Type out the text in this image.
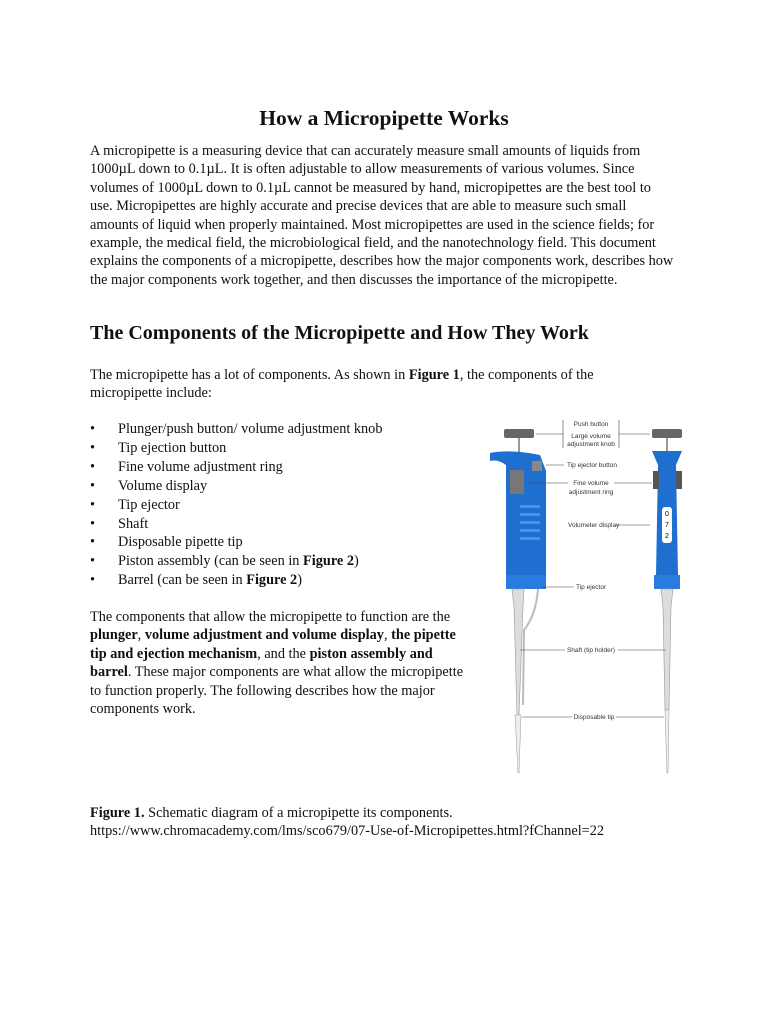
How a Micropipette Works

A micropipette is a measuring device that can accurately measure small amounts of liquids from 1000µL down to 0.1µL. It is often adjustable to allow measurements of various volumes. Since volumes of 1000µL down to 0.1µL cannot be measured by hand, micropipettes are the best tool to use. Micropipettes are highly accurate and precise devices that are able to measure such small amounts of liquid when properly maintained. Most micropipettes are used in the science fields; for example, the medical field, the microbiological field, and the nanotechnology field. This document explains the components of a micropipette, describes how the major components work, describes how the major components work together, and then discusses the importance of the micropipette.

The Components of the Micropipette and How They Work

The micropipette has a lot of components. As shown in Figure 1, the components of the micropipette include:

• Plunger/push button/ volume adjustment knob
• Tip ejection button
• Fine volume adjustment ring
• Volume display
• Tip ejector
• Shaft
• Disposable pipette tip
• Piston assembly (can be seen in Figure 2)
• Barrel (can be seen in Figure 2)

The components that allow the micropipette to function are the plunger, volume adjustment and volume display, the pipette tip and ejection mechanism, and the piston assembly and barrel. These major components are what allow the micropipette to function properly. The following describes how the major components work.

0
7
2
Push button
Large volume
adjustment knob
Tip ejector button
Fine volume
adjustment ring
Volumeter display
Tip ejector
Shaft (tip holder)
Disposable tip

Figure 1. Schematic diagram of a micropipette its components.
https://www.chromacademy.com/lms/sco679/07-Use-of-Micropipettes.html?fChannel=22
